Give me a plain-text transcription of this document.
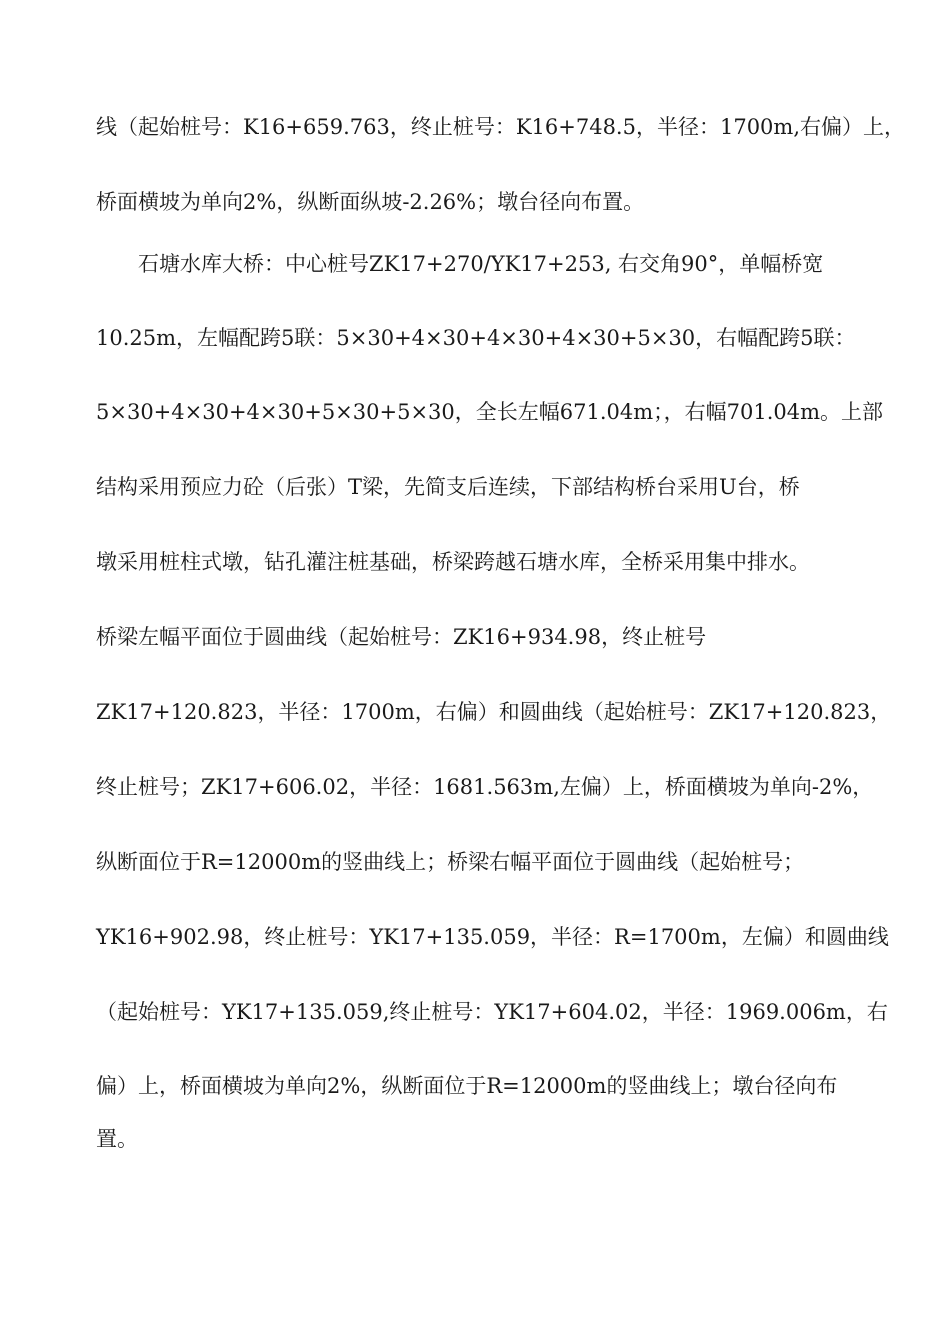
线（起始桩号：K16+659.763，终止桩号：K16+748.5，半径：1700m,右偏）上，
桥面横坡为单向2%，纵断面纵坡-2.26%；墩台径向布置。
石塘水库大桥：中心桩号ZK17+270/YK17+253, 右交角90°，单幅桥宽
10.25m，左幅配跨5联：5×30+4×30+4×30+4×30+5×30，右幅配跨5联：
5×30+4×30+4×30+5×30+5×30，全长左幅671.04m；，右幅701.04m。上部
结构采用预应力砼（后张）T梁，先简支后连续，下部结构桥台采用U台，桥
墩采用桩柱式墩，钻孔灌注桩基础，桥梁跨越石塘水库，全桥采用集中排水。
桥梁左幅平面位于圆曲线（起始桩号：ZK16+934.98，终止桩号
ZK17+120.823，半径：1700m，右偏）和圆曲线（起始桩号：ZK17+120.823，
终止桩号；ZK17+606.02，半径：1681.563m,左偏）上，桥面横坡为单向-2%，
纵断面位于R=12000m的竖曲线上；桥梁右幅平面位于圆曲线（起始桩号；
YK16+902.98，终止桩号：YK17+135.059，半径：R=1700m，左偏）和圆曲线
（起始桩号：YK17+135.059,终止桩号：YK17+604.02，半径：1969.006m，右
偏）上，桥面横坡为单向2%，纵断面位于R=12000m的竖曲线上；墩台径向布
置。
